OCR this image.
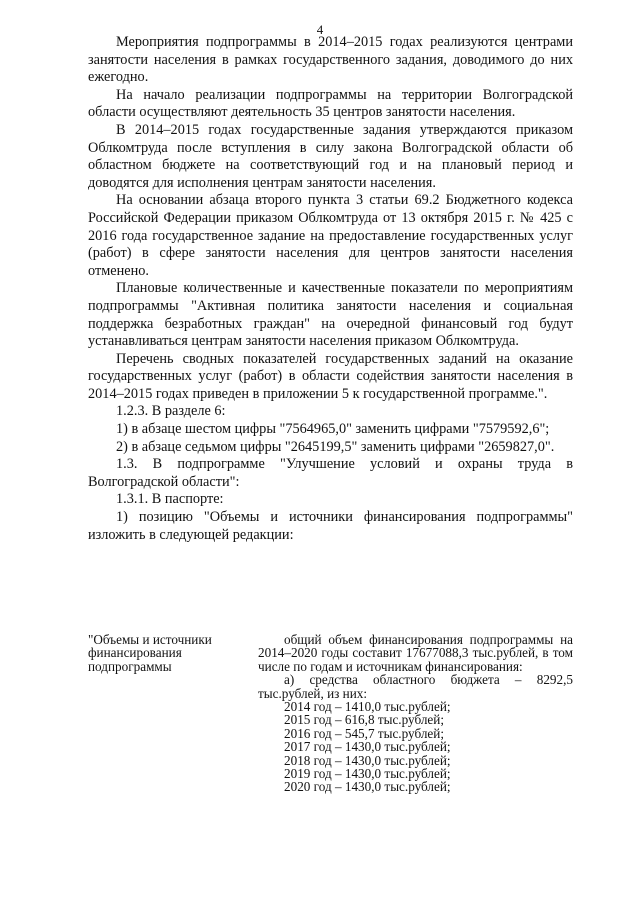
4

Мероприятия подпрограммы в 2014–2015 годах реализуются центрами занятости населения в рамках государственного задания, доводимого до них ежегодно.

На начало реализации подпрограммы на территории Волгоградской области осуществляют деятельность 35 центров занятости населения.

В 2014–2015 годах государственные задания утверждаются приказом Облкомтруда после вступления в силу закона Волгоградской области об областном бюджете на соответствующий год и на плановый период и доводятся для исполнения центрам занятости населения.

На основании абзаца второго пункта 3 статьи 69.2 Бюджетного кодекса Российской Федерации приказом Облкомтруда от 13 октября 2015 г. № 425 с 2016 года государственное задание на предоставление государственных услуг (работ) в сфере занятости населения для центров занятости населения отменено.

Плановые количественные и качественные показатели по мероприятиям подпрограммы "Активная политика занятости населения и социальная поддержка безработных граждан" на очередной финансовый год будут устанавливаться центрам занятости населения приказом Облкомтруда.

Перечень сводных показателей государственных заданий на оказание государственных услуг (работ) в области содействия занятости населения в 2014–2015 годах приведен в приложении 5 к государственной программе.".

1.2.3. В разделе 6:

1) в абзаце шестом цифры "7564965,0" заменить цифрами "7579592,6";

2) в абзаце седьмом цифры "2645199,5" заменить цифрами "2659827,0".

1.3. В подпрограмме "Улучшение условий и охраны труда в Волгоградской области":

1.3.1. В паспорте:

1) позицию "Объемы и источники финансирования подпрограммы" изложить в следующей редакции:

"Объемы и источники финансирования подпрограммы

общий объем финансирования подпрограммы на 2014–2020 годы составит 17677088,3 тыс.рублей, в том числе по годам и источникам финансирования:

а) средства областного бюджета – 8292,5 тыс.рублей, из них:

2014 год – 1410,0 тыс.рублей;

2015 год – 616,8 тыс.рублей;

2016 год – 545,7 тыс.рублей;

2017 год – 1430,0 тыс.рублей;

2018 год – 1430,0 тыс.рублей;

2019 год – 1430,0 тыс.рублей;

2020 год – 1430,0 тыс.рублей;
